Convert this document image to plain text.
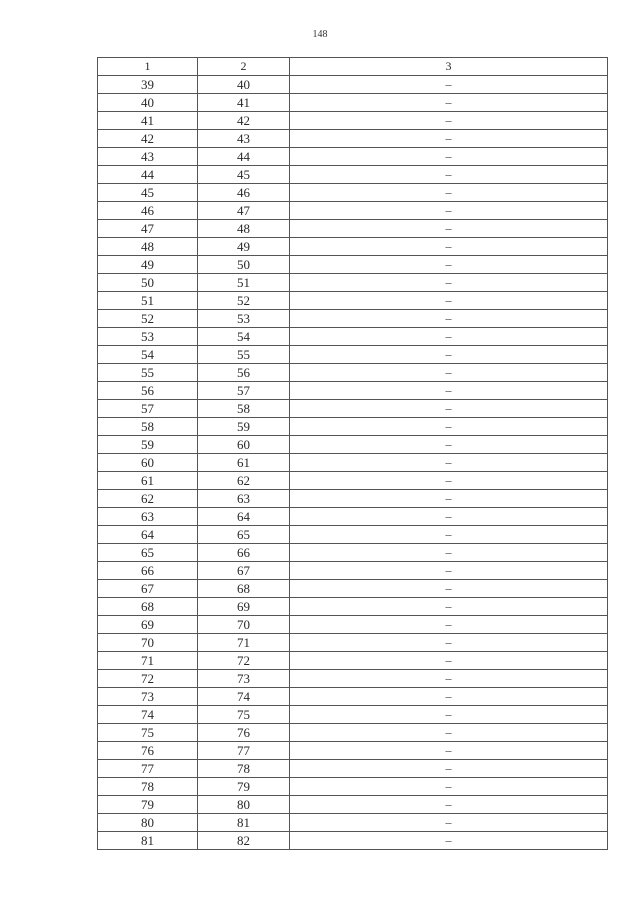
148
1	2	3
39	40	–
40	41	–
41	42	–
42	43	–
43	44	–
44	45	–
45	46	–
46	47	–
47	48	–
48	49	–
49	50	–
50	51	–
51	52	–
52	53	–
53	54	–
54	55	–
55	56	–
56	57	–
57	58	–
58	59	–
59	60	–
60	61	–
61	62	–
62	63	–
63	64	–
64	65	–
65	66	–
66	67	–
67	68	–
68	69	–
69	70	–
70	71	–
71	72	–
72	73	–
73	74	–
74	75	–
75	76	–
76	77	–
77	78	–
78	79	–
79	80	–
80	81	–
81	82	–
